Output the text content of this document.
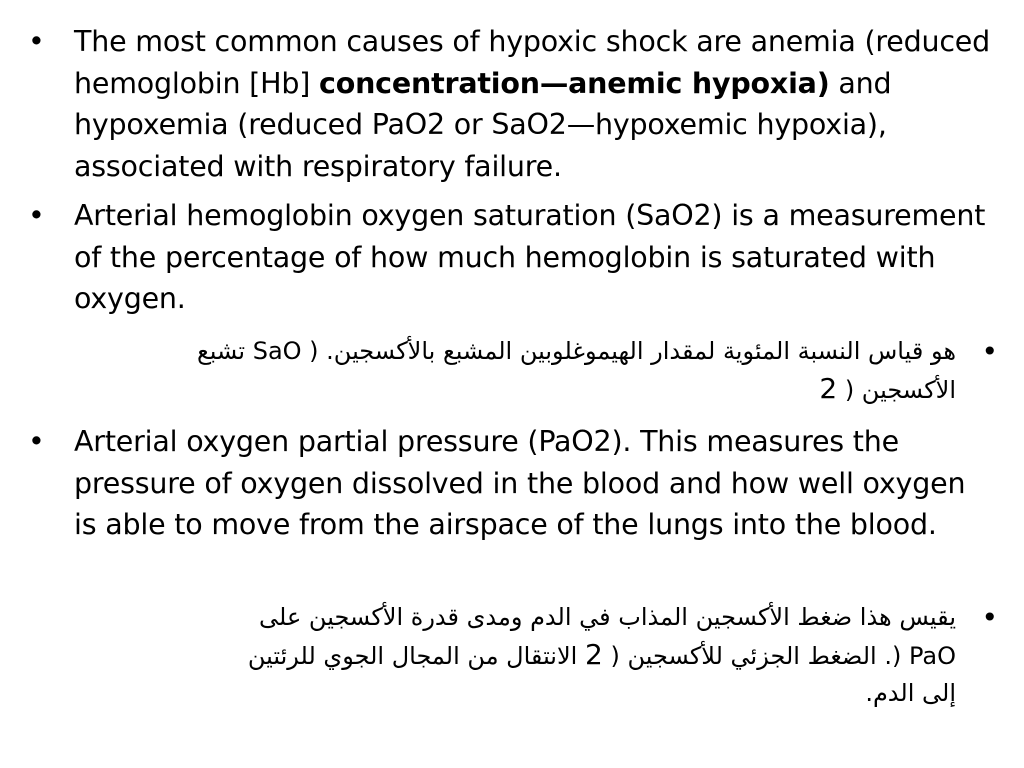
• The most common causes of hypoxic shock are anemia (reduced hemoglobin [Hb] concentration—anemic hypoxia) and hypoxemia (reduced PaO2 or SaO2—hypoxemic hypoxia), associated with respiratory failure.
• Arterial hemoglobin oxygen saturation (SaO2) is a measurement of the percentage of how much hemoglobin is saturated with oxygen.
•
هو قياس النسبة المئوية لمقدار الهيموغلوبين المشبع بالأكسجين. ( SaO تشبع
الأكسجين ( 2
• Arterial oxygen partial pressure (PaO2). This measures the pressure of oxygen dissolved in the blood and how well oxygen is able to move from the airspace of the lungs into the blood.
•
يقيس هذا ضغط الأكسجين المذاب في الدم ومدى قدرة الأكسجين على
PaO (. الضغط الجزئي للأكسجين ( 2 الانتقال من المجال الجوي للرئتين
إلى الدم.
